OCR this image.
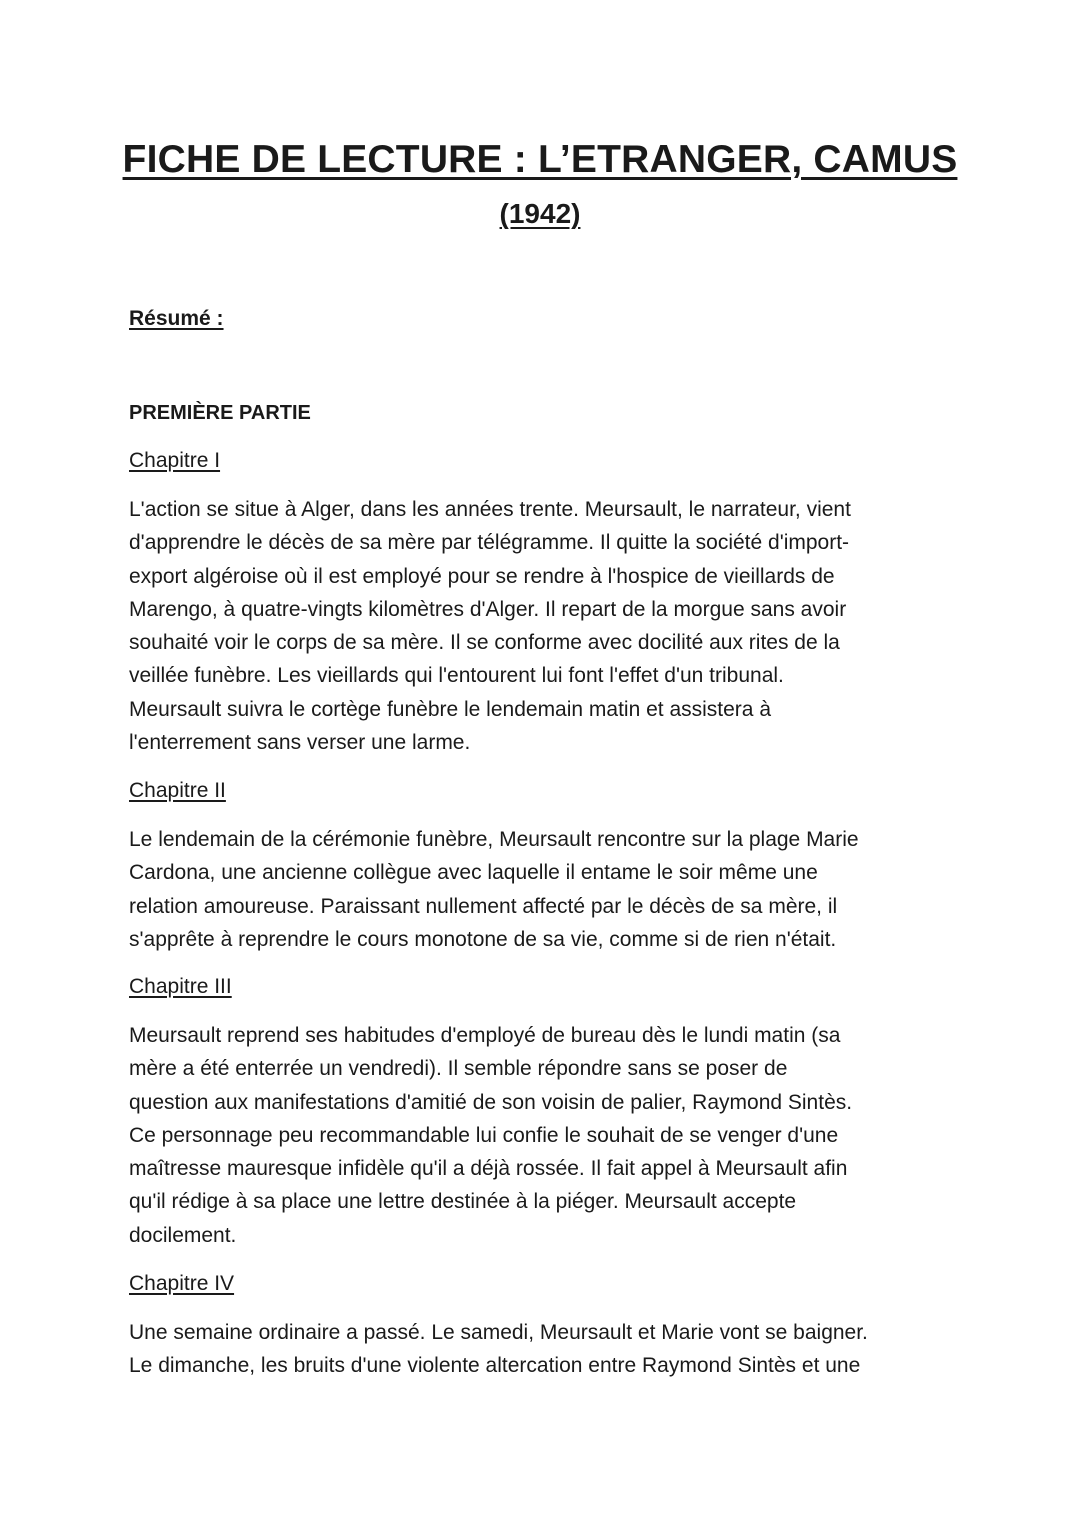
FICHE DE LECTURE : L’ETRANGER, CAMUS
(1942)
Résumé :
PREMIÈRE PARTIE
Chapitre I
L'action se situe à Alger, dans les années trente. Meursault, le narrateur, vient
d'apprendre le décès de sa mère par télégramme. Il quitte la société d'import-
export algéroise où il est employé pour se rendre à l'hospice de vieillards de
Marengo, à quatre-vingts kilomètres d'Alger. Il repart de la morgue sans avoir
souhaité voir le corps de sa mère. Il se conforme avec docilité aux rites de la
veillée funèbre. Les vieillards qui l'entourent lui font l'effet d'un tribunal.
Meursault suivra le cortège funèbre le lendemain matin et assistera à
l'enterrement sans verser une larme.
Chapitre II
Le lendemain de la cérémonie funèbre, Meursault rencontre sur la plage Marie
Cardona, une ancienne collègue avec laquelle il entame le soir même une
relation amoureuse. Paraissant nullement affecté par le décès de sa mère, il
s'apprête à reprendre le cours monotone de sa vie, comme si de rien n'était.
Chapitre III
Meursault reprend ses habitudes d'employé de bureau dès le lundi matin (sa
mère a été enterrée un vendredi). Il semble répondre sans se poser de
question aux manifestations d'amitié de son voisin de palier, Raymond Sintès.
Ce personnage peu recommandable lui confie le souhait de se venger d'une
maîtresse mauresque infidèle qu'il a déjà rossée. Il fait appel à Meursault afin
qu'il rédige à sa place une lettre destinée à la piéger. Meursault accepte
docilement.
Chapitre IV
Une semaine ordinaire a passé. Le samedi, Meursault et Marie vont se baigner.
Le dimanche, les bruits d'une violente altercation entre Raymond Sintès et une
